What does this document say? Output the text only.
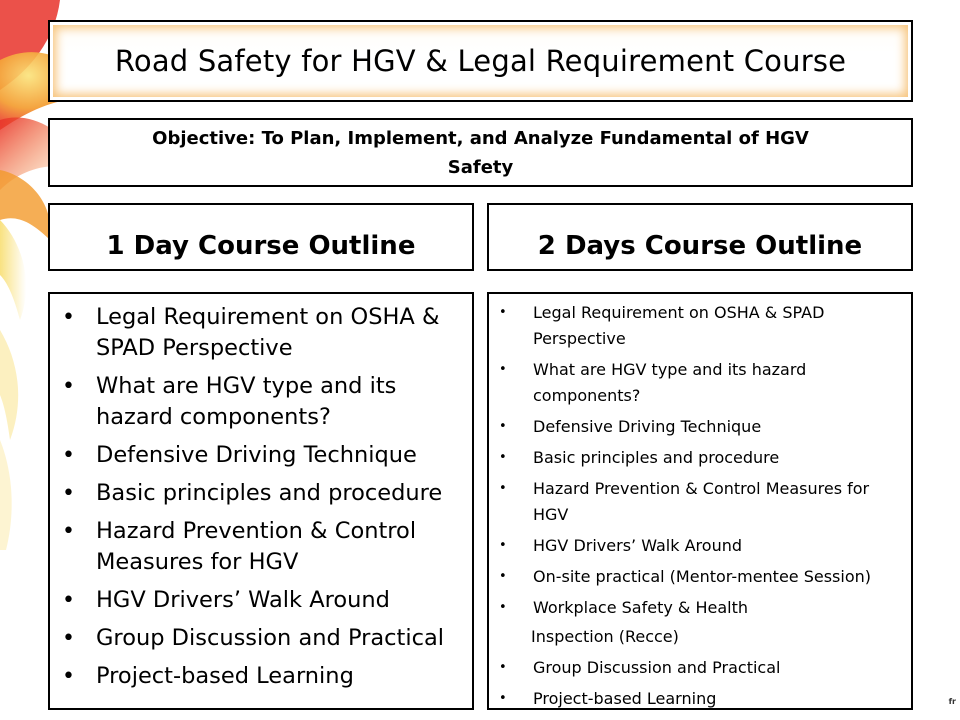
Road Safety for HGV & Legal Requirement Course
Objective: To Plan, Implement, and Analyze Fundamental of HGV Safety
1 Day Course Outline	2 Days Course Outline
• Legal Requirement on OSHA & SPAD Perspective
• What are HGV type and its hazard components?
• Defensive Driving Technique
• Basic principles and procedure
• Hazard Prevention & Control Measures for HGV
• HGV Drivers’ Walk Around
• Group Discussion and Practical
• Project-based Learning
• Legal Requirement on OSHA & SPAD Perspective
• What are HGV type and its hazard components?
• Defensive Driving Technique
• Basic principles and procedure
• Hazard Prevention & Control Measures for HGV
• HGV Drivers’ Walk Around
• On-site practical (Mentor-mentee Session)
• Workplace Safety & Health
Inspection (Recce)
• Group Discussion and Practical
• Project-based Learning	fr
